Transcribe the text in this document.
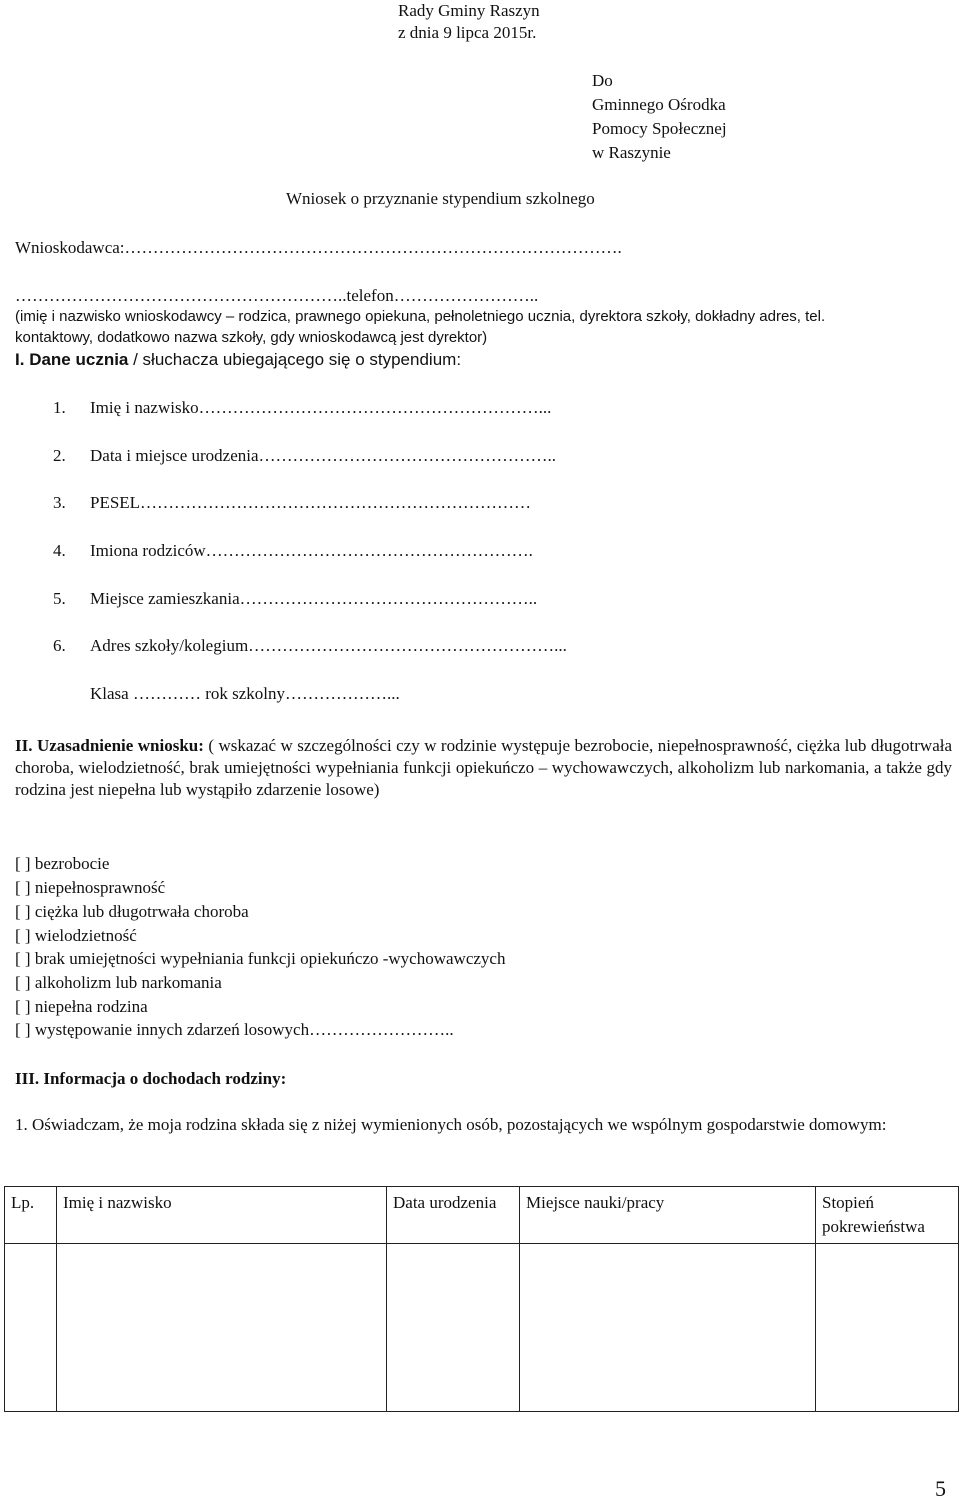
Rady Gminy Raszyn
z dnia 9 lipca 2015r.
Do
Gminnego Ośrodka
Pomocy Społecznej
w Raszynie
Wniosek o przyznanie stypendium szkolnego
Wnioskodawca:…………………………………………………………………………….
…………………………………………………..telefon……………………..
(imię i nazwisko wnioskodawcy – rodzica, prawnego opiekuna, pełnoletniego ucznia, dyrektora szkoły, dokładny adres, tel.
kontaktowy, dodatkowo nazwa szkoły, gdy wnioskodawcą jest dyrektor)
I. Dane ucznia / słuchacza ubiegającego się o stypendium:
1. Imię i nazwisko……………………………………………………...
2. Data i miejsce urodzenia……………………………………………..
3. PESEL……………………………………………………………
4. Imiona rodziców………………………………………………….
5. Miejsce zamieszkania……………………………………………..
6. Adres szkoły/kolegium………………………………………………...
Klasa ………… rok szkolny………………...
II. Uzasadnienie wniosku: ( wskazać w szczególności czy w rodzinie występuje bezrobocie, niepełnosprawność, ciężka lub długotrwała choroba, wielodzietność, brak umiejętności wypełniania funkcji opiekuńczo – wychowawczych, alkoholizm lub narkomania, a także gdy rodzina jest niepełna lub wystąpiło zdarzenie losowe)
[ ] bezrobocie
[ ] niepełnosprawność
[ ] ciężka lub długotrwała choroba
[ ] wielodzietność
[ ] brak umiejętności wypełniania funkcji opiekuńczo -wychowawczych
[ ] alkoholizm lub narkomania
[ ] niepełna rodzina
[ ] występowanie innych zdarzeń losowych……………………..
III. Informacja o dochodach rodziny:
1. Oświadczam, że moja rodzina składa się z niżej wymienionych osób, pozostających we wspólnym gospodarstwie domowym:
Lp.	Imię i nazwisko	Data urodzenia	Miejsce nauki/pracy	Stopień pokrewieństwa

5
